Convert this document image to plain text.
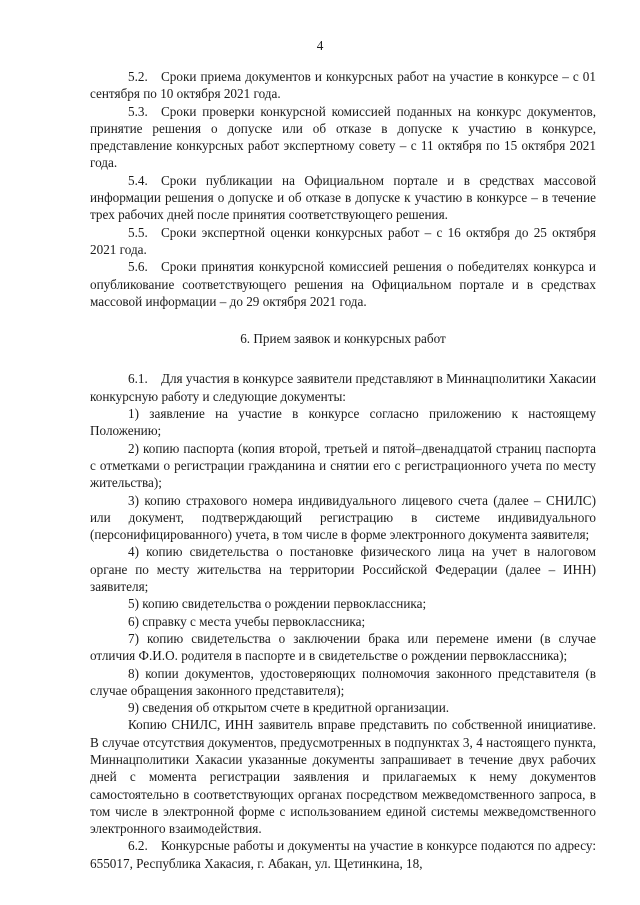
4

5.2. Сроки приема документов и конкурсных работ на участие в конкурсе – с 01 сентября по 10 октября 2021 года.

5.3. Сроки проверки конкурсной комиссией поданных на конкурс документов, принятие решения о допуске или об отказе в допуске к участию в конкурсе, представление конкурсных работ экспертному совету – с 11 октября по 15 октября 2021 года.

5.4. Сроки публикации на Официальном портале и в средствах массовой информации решения о допуске и об отказе в допуске к участию в конкурсе – в течение трех рабочих дней после принятия соответствующего решения.

5.5. Сроки экспертной оценки конкурсных работ – с 16 октября до 25 октября 2021 года.

5.6. Сроки принятия конкурсной комиссией решения о победителях конкурса и опубликование соответствующего решения на Официальном портале и в средствах массовой информации – до 29 октября 2021 года.

6. Прием заявок и конкурсных работ

6.1. Для участия в конкурсе заявители представляют в Миннацполитики Хакасии конкурсную работу и следующие документы:

1) заявление на участие в конкурсе согласно приложению к настоящему Положению;

2) копию паспорта (копия второй, третьей и пятой–двенадцатой страниц паспорта с отметками о регистрации гражданина и снятии его с регистрационного учета по месту жительства);

3) копию страхового номера индивидуального лицевого счета (далее – СНИЛС) или документ, подтверждающий регистрацию в системе индивидуального (персонифицированного) учета, в том числе в форме электронного документа заявителя;

4) копию свидетельства о постановке физического лица на учет в налоговом органе по месту жительства на территории Российской Федерации (далее – ИНН) заявителя;

5) копию свидетельства о рождении первоклассника;

6) справку с места учебы первоклассника;

7) копию свидетельства о заключении брака или перемене имени (в случае отличия Ф.И.О. родителя в паспорте и в свидетельстве о рождении первоклассника);

8) копии документов, удостоверяющих полномочия законного представителя (в случае обращения законного представителя);

9) сведения об открытом счете в кредитной организации.

Копию СНИЛС, ИНН заявитель вправе представить по собственной инициативе. В случае отсутствия документов, предусмотренных в подпунктах 3, 4 настоящего пункта, Миннацполитики Хакасии указанные документы запрашивает в течение двух рабочих дней с момента регистрации заявления и прилагаемых к нему документов самостоятельно в соответствующих органах посредством межведомственного запроса, в том числе в электронной форме с использованием единой системы межведомственного электронного взаимодействия.

6.2. Конкурсные работы и документы на участие в конкурсе подаются по адресу: 655017, Республика Хакасия, г. Абакан, ул. Щетинкина, 18,
